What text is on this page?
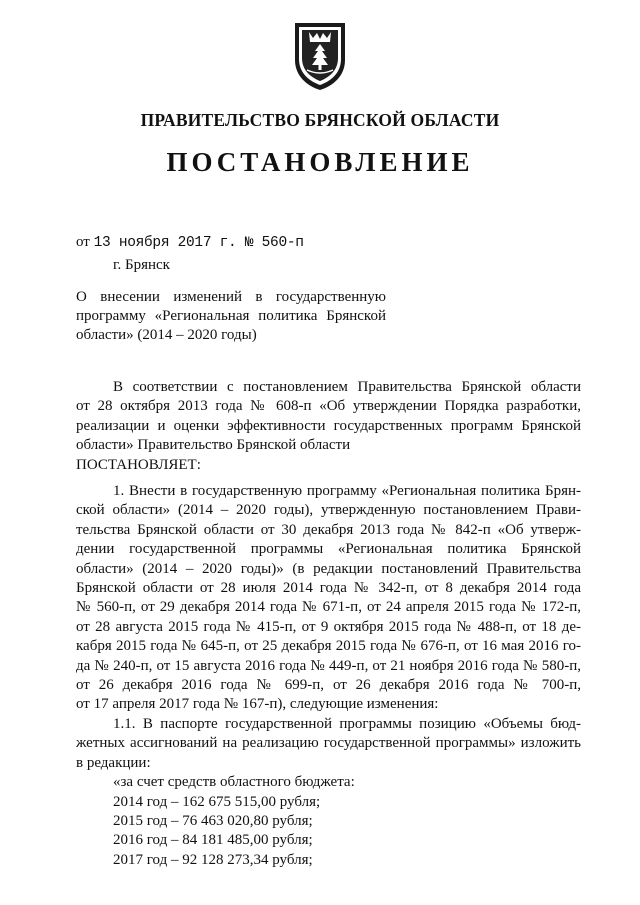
ПРАВИТЕЛЬСТВО БРЯНСКОЙ ОБЛАСТИ
ПОСТАНОВЛЕНИЕ
от 13 ноября 2017 г. № 560-п
г. Брянск
О внесении изменений в государственную
программу «Региональная политика Брянской
области» (2014 – 2020 годы)
В соответствии с постановлением Правительства Брянской области
от 28 октября 2013 года № 608-п «Об утверждении Порядка разработки,
реализации и оценки эффективности государственных программ Брянской
области» Правительство Брянской области
ПОСТАНОВЛЯЕТ:
1. Внести в государственную программу «Региональная политика Брян-
ской области» (2014 – 2020 годы), утвержденную постановлением Прави-
тельства Брянской области от 30 декабря 2013 года № 842-п «Об утверж-
дении государственной программы «Региональная политика Брянской
области» (2014 – 2020 годы)» (в редакции постановлений Правительства
Брянской области от 28 июля 2014 года № 342-п, от 8 декабря 2014 года
№ 560-п, от 29 декабря 2014 года № 671-п, от 24 апреля 2015 года № 172-п,
от 28 августа 2015 года № 415-п, от 9 октября 2015 года № 488-п, от 18 де-
кабря 2015 года № 645-п, от 25 декабря 2015 года № 676-п, от 16 мая 2016 го-
да № 240-п, от 15 августа 2016 года № 449-п, от 21 ноября 2016 года № 580-п,
от 26 декабря 2016 года № 699-п, от 26 декабря 2016 года № 700-п,
от 17 апреля 2017 года № 167-п), следующие изменения:
1.1. В паспорте государственной программы позицию «Объемы бюд-
жетных ассигнований на реализацию государственной программы» изложить
в редакции:
«за счет средств областного бюджета:
2014 год – 162 675 515,00 рубля;
2015 год – 76 463 020,80 рубля;
2016 год – 84 181 485,00 рубля;
2017 год – 92 128 273,34 рубля;
